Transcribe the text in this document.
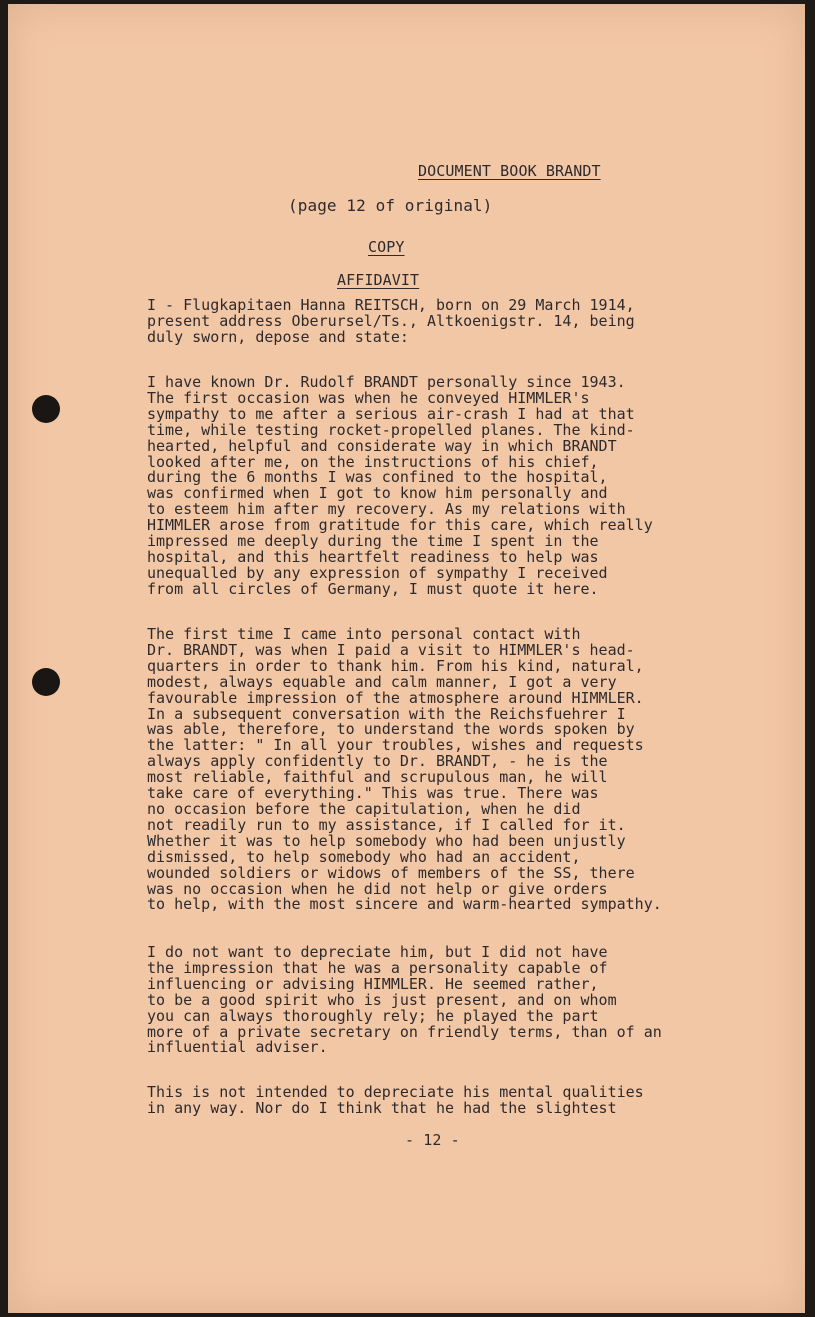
DOCUMENT BOOK BRANDT

(page 12 of original)

COPY

AFFIDAVIT

I - Flugkapitaen Hanna REITSCH, born on 29 March 1914,
present address Oberursel/Ts., Altkoenigstr. 14, being
duly sworn, depose and state:

I have known Dr. Rudolf BRANDT personally since 1943.
The first occasion was when he conveyed HIMMLER's
sympathy to me after a serious air-crash I had at that
time, while testing rocket-propelled planes. The kind-
hearted, helpful and considerate way in which BRANDT
looked after me, on the instructions of his chief,
during the 6 months I was confined to the hospital,
was confirmed when I got to know him personally and
to esteem him after my recovery. As my relations with
HIMMLER arose from gratitude for this care, which really
impressed me deeply during the time I spent in the
hospital, and this heartfelt readiness to help was
unequalled by any expression of sympathy I received
from all circles of Germany, I must quote it here.

The first time I came into personal contact with
Dr. BRANDT, was when I paid a visit to HIMMLER's head-
quarters in order to thank him. From his kind, natural,
modest, always equable and calm manner, I got a very
favourable impression of the atmosphere around HIMMLER.
In a subsequent conversation with the Reichsfuehrer I
was able, therefore, to understand the words spoken by
the latter: " In all your troubles, wishes and requests
always apply confidently to Dr. BRANDT, - he is the
most reliable, faithful and scrupulous man, he will
take care of everything." This was true. There was
no occasion before the capitulation, when he did
not readily run to my assistance, if I called for it.
Whether it was to help somebody who had been unjustly
dismissed, to help somebody who had an accident,
wounded soldiers or widows of members of the SS, there
was no occasion when he did not help or give orders
to help, with the most sincere and warm-hearted sympathy.

I do not want to depreciate him, but I did not have
the impression that he was a personality capable of
influencing or advising HIMMLER. He seemed rather,
to be a good spirit who is just present, and on whom
you can always thoroughly rely; he played the part
more of a private secretary on friendly terms, than of an
influential adviser.

This is not intended to depreciate his mental qualities
in any way. Nor do I think that he had the slightest

- 12 -
